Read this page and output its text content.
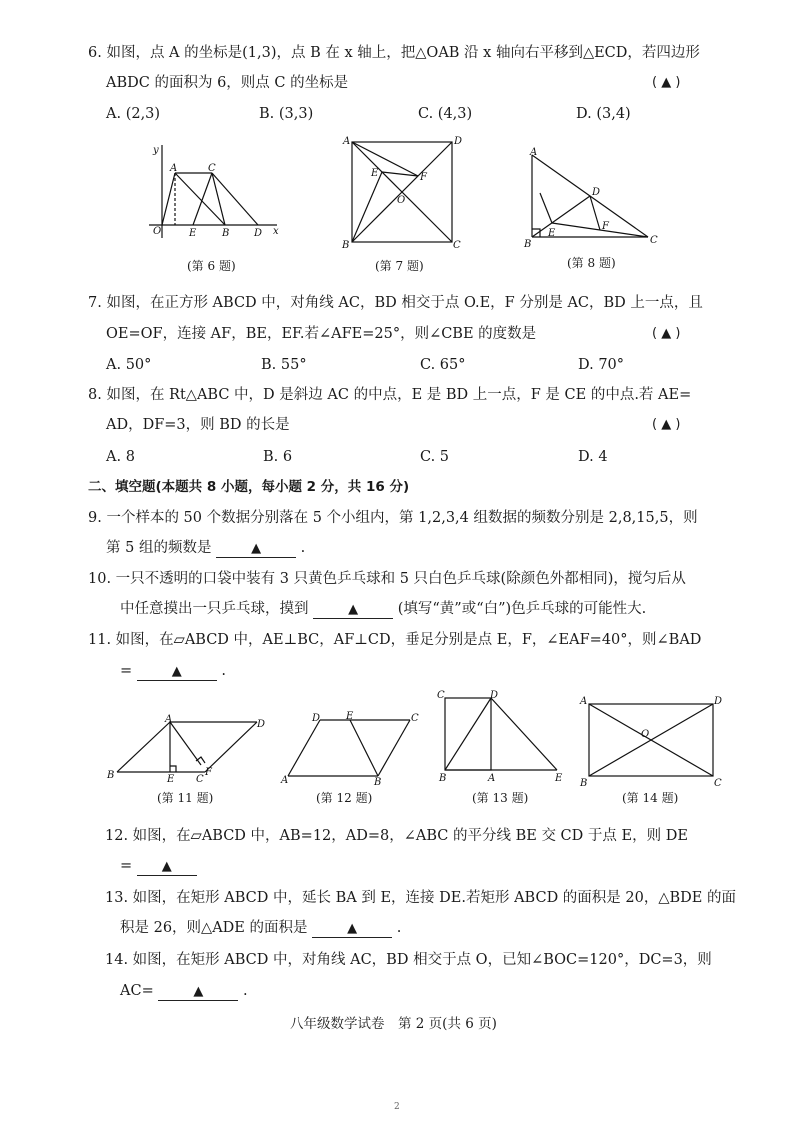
6. 如图，点 A 的坐标是(1,3)，点 B 在 x 轴上，把△OAB 沿 x 轴向右平移到△ECD，若四边形
ABDC 的面积为 6，则点 C 的坐标是	( ▲ )
A. (2,3)	B. (3,3)	C. (4,3)	D. (3,4)
y
A	C
O	E	B D x
(第 6 题)
A	D
E	F
O
B	C
(第 7 题)
A
D
F
E
B	C
(第 8 题)
7. 如图，在正方形 ABCD 中，对角线 AC，BD 相交于点 O.E，F 分别是 AC，BD 上一点，且
OE=OF，连接 AF，BE，EF.若∠AFE=25°，则∠CBE 的度数是	( ▲ )
A. 50°	B. 55°	C. 65°	D. 70°
8. 如图，在 Rt△ABC 中，D 是斜边 AC 的中点，E 是 BD 上一点，F 是 CE 的中点.若 AE=
AD，DF=3，则 BD 的长是	( ▲ )
A. 8	B. 6	C. 5	D. 4
二、填空题(本题共 8 小题，每小题 2 分，共 16 分)
9. 一个样本的 50 个数据分别落在 5 个小组内，第 1,2,3,4 组数据的频数分别是 2,8,15,5，则
第 5 组的频数是	▲	.
10. 一只不透明的口袋中装有 3 只黄色乒乓球和 5 只白色乒乓球(除颜色外都相同)，搅匀后从
中任意摸出一只乒乓球，摸到	▲	(填写“黄”或“白”)色乒乓球的可能性大.
11. 如图，在▱ABCD 中，AE⊥BC，AF⊥CD，垂足分别是点 E，F，∠EAF=40°，则∠BAD
=	▲	.
A	D
B	E C
F
(第 11 题)
D	E	C
A	B
(第 12 题)
C	D
B	A	E
(第 13 题)
A	D
O
B	C
(第 14 题)
12. 如图，在▱ABCD 中，AB=12，AD=8，∠ABC 的平分线 BE 交 CD 于点 E，则 DE
= ▲
13. 如图，在矩形 ABCD 中，延长 BA 到 E，连接 DE.若矩形 ABCD 的面积是 20，△BDE 的面
积是 26，则△ADE 的面积是	▲	.
14. 如图，在矩形 ABCD 中，对角线 AC，BD 相交于点 O，已知∠BOC=120°，DC=3，则
AC=	▲	.
八年级数学试卷　第 2 页(共 6 页)
2
